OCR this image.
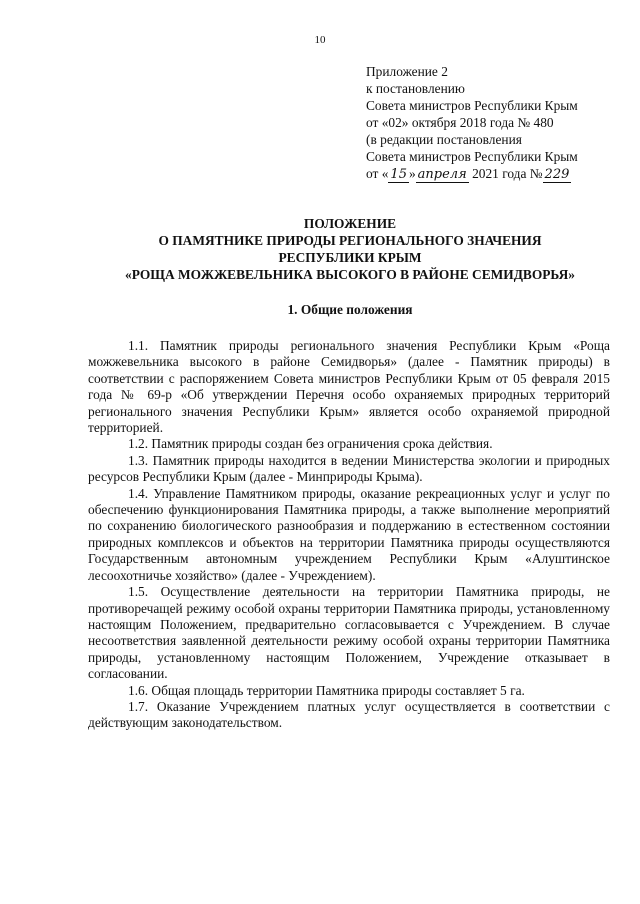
10
Приложение 2
к постановлению
Совета министров Республики Крым
от «02» октября 2018 года № 480
(в редакции постановления
Совета министров Республики Крым
от « 15 » апреля 2021 года № 229
ПОЛОЖЕНИЕ
О ПАМЯТНИКЕ ПРИРОДЫ РЕГИОНАЛЬНОГО ЗНАЧЕНИЯ
РЕСПУБЛИКИ КРЫМ
«РОЩА МОЖЖЕВЕЛЬНИКА ВЫСОКОГО В РАЙОНЕ СЕМИДВОРЬЯ»
1. Общие положения

1.1. Памятник природы регионального значения Республики Крым «Роща можжевельника высокого в районе Семидворья» (далее - Памятник природы) в соответствии с распоряжением Совета министров Республики Крым от 05 февраля 2015 года № 69-р «Об утверждении Перечня особо охраняемых природных территорий регионального значения Республики Крым» является особо охраняемой природной территорией.

1.2. Памятник природы создан без ограничения срока действия.

1.3. Памятник природы находится в ведении Министерства экологии и природных ресурсов Республики Крым (далее - Минприроды Крыма).

1.4. Управление Памятником природы, оказание рекреационных услуг и услуг по обеспечению функционирования Памятника природы, а также выполнение мероприятий по сохранению биологического разнообразия и поддержанию в естественном состоянии природных комплексов и объектов на территории Памятника природы осуществляются Государственным автономным учреждением Республики Крым «Алуштинское лесоохотничье хозяйство» (далее - Учреждением).

1.5. Осуществление деятельности на территории Памятника природы, не противоречащей режиму особой охраны территории Памятника природы, установленному настоящим Положением, предварительно согласовывается с Учреждением. В случае несоответствия заявленной деятельности режиму особой охраны территории Памятника природы, установленному настоящим Положением, Учреждение отказывает в согласовании.

1.6. Общая площадь территории Памятника природы составляет 5 га.

1.7. Оказание Учреждением платных услуг осуществляется в соответствии с действующим законодательством.
